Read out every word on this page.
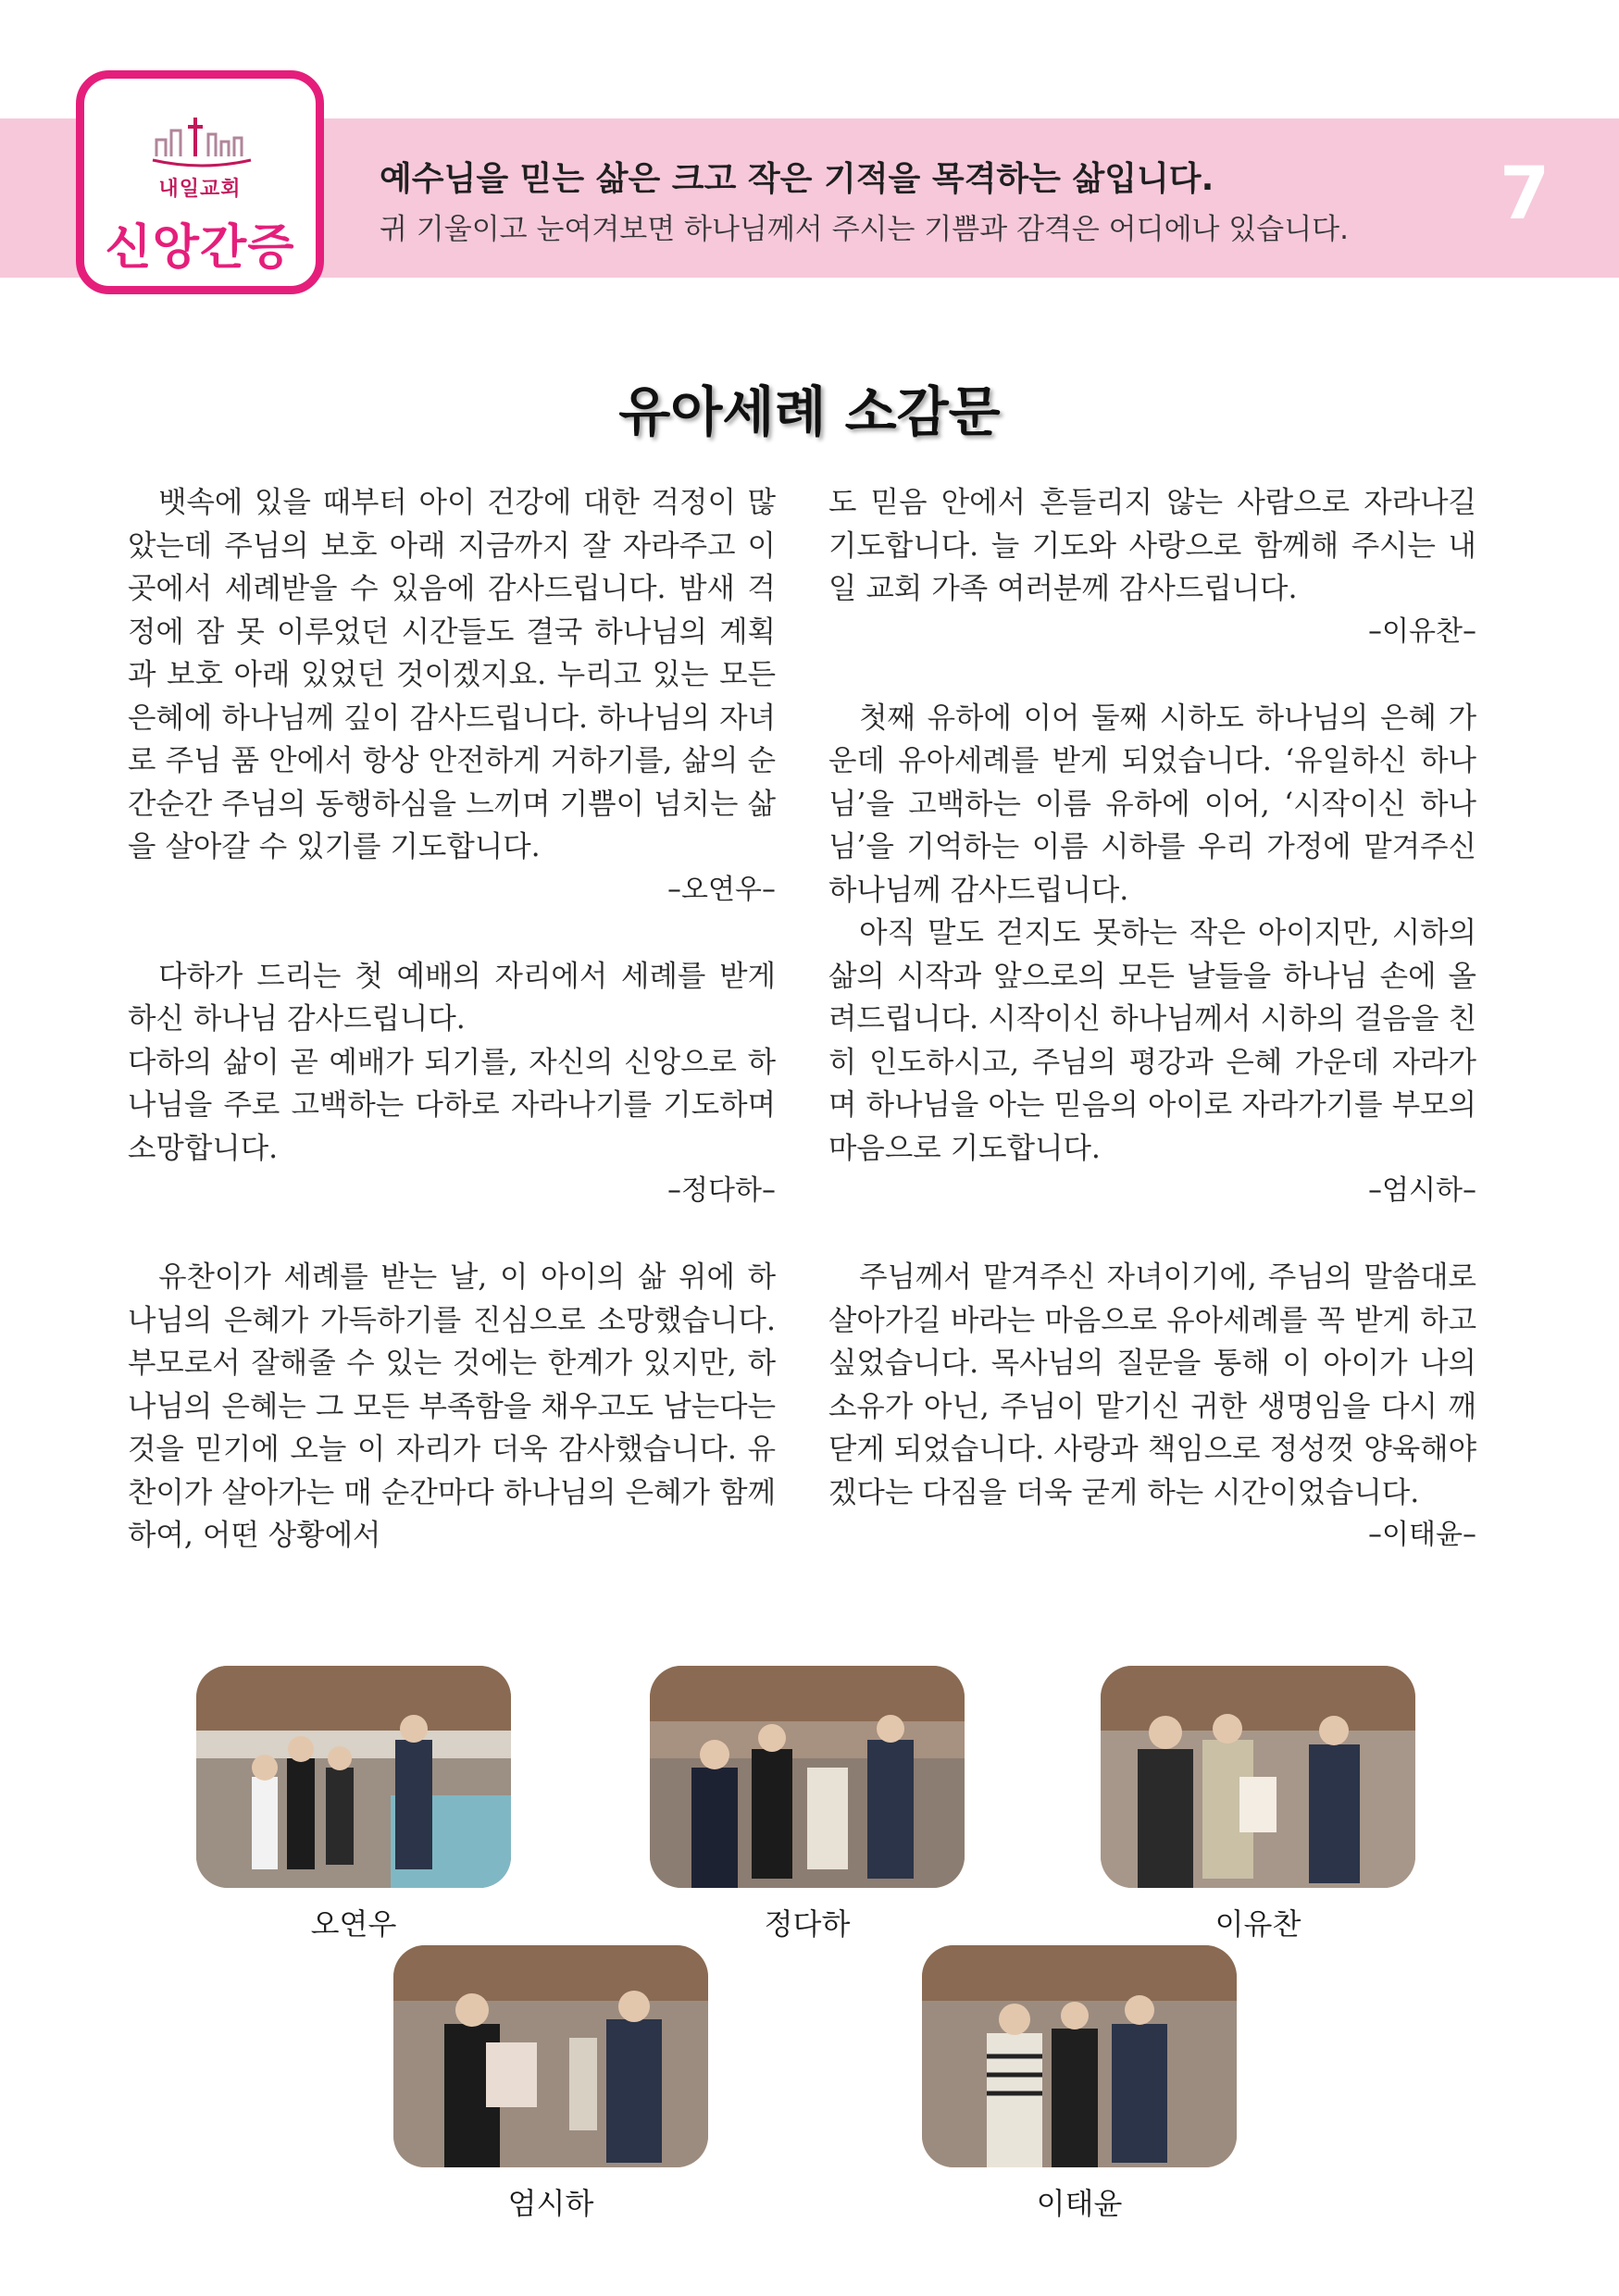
내일교회
신앙간증
예수님을 믿는 삶은 크고 작은 기적을 목격하는 삶입니다.
귀 기울이고 눈여겨보면 하나님께서 주시는 기쁨과 감격은 어디에나 있습니다. 7
유아세례 소감문

뱃속에 있을 때부터 아이 건강에 대한 걱정이 많았는데 주님의 보호 아래 지금까지 잘 자라주고 이곳에서 세례받을 수 있음에 감사드립니다. 밤새 걱정에 잠 못 이루었던 시간들도 결국 하나님의 계획과 보호 아래 있었던 것이겠지요. 누리고 있는 모든 은혜에 하나님께 깊이 감사드립니다. 하나님의 자녀로 주님 품 안에서 항상 안전하게 거하기를, 삶의 순간순간 주님의 동행하심을 느끼며 기쁨이 넘치는 삶을 살아갈 수 있기를 기도합니다.

–오연우–

다하가 드리는 첫 예배의 자리에서 세례를 받게 하신 하나님 감사드립니다.

다하의 삶이 곧 예배가 되기를, 자신의 신앙으로 하나님을 주로 고백하는 다하로 자라나기를 기도하며 소망합니다.

–정다하–

유찬이가 세례를 받는 날, 이 아이의 삶 위에 하나님의 은혜가 가득하기를 진심으로 소망했습니다. 부모로서 잘해줄 수 있는 것에는 한계가 있지만, 하나님의 은혜는 그 모든 부족함을 채우고도 남는다는 것을 믿기에 오늘 이 자리가 더욱 감사했습니다. 유찬이가 살아가는 매 순간마다 하나님의 은혜가 함께하여, 어떤 상황에서

도 믿음 안에서 흔들리지 않는 사람으로 자라나길 기도합니다. 늘 기도와 사랑으로 함께해 주시는 내일 교회 가족 여러분께 감사드립니다.

–이유찬–

첫째 유하에 이어 둘째 시하도 하나님의 은혜 가운데 유아세례를 받게 되었습니다. ‘유일하신 하나님’을 고백하는 이름 유하에 이어, ‘시작이신 하나님’을 기억하는 이름 시하를 우리 가정에 맡겨주신 하나님께 감사드립니다.

아직 말도 걷지도 못하는 작은 아이지만, 시하의 삶의 시작과 앞으로의 모든 날들을 하나님 손에 올려드립니다. 시작이신 하나님께서 시하의 걸음을 친히 인도하시고, 주님의 평강과 은혜 가운데 자라가며 하나님을 아는 믿음의 아이로 자라가기를 부모의 마음으로 기도합니다.

–엄시하–

주님께서 맡겨주신 자녀이기에, 주님의 말씀대로 살아가길 바라는 마음으로 유아세례를 꼭 받게 하고 싶었습니다. 목사님의 질문을 통해 이 아이가 나의 소유가 아닌, 주님이 맡기신 귀한 생명임을 다시 깨닫게 되었습니다. 사랑과 책임으로 정성껏 양육해야겠다는 다짐을 더욱 굳게 하는 시간이었습니다.

–이태윤–

오연우	정다하	이유찬
엄시하	이태윤
